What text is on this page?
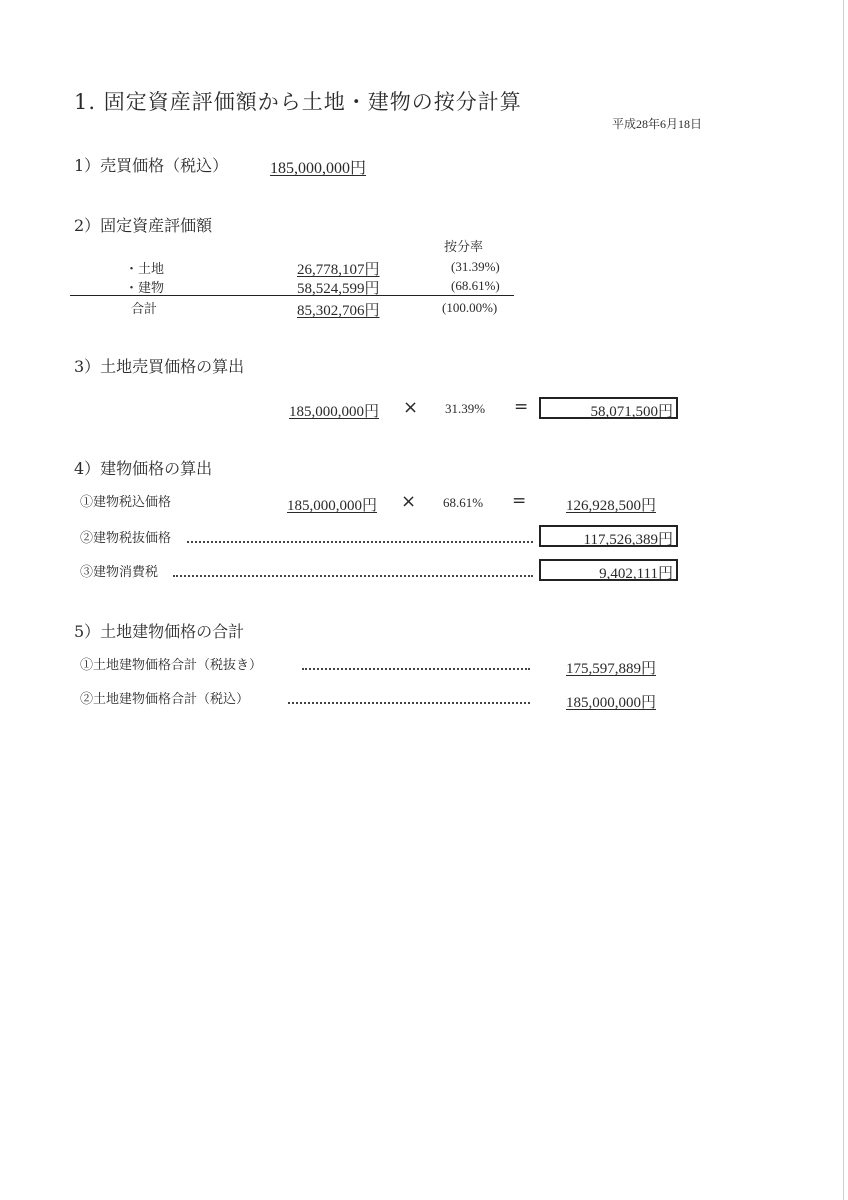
1. 固定資産評価額から土地・建物の按分計算
平成28年6月18日
1）売買価格（税込）	185,000,000円
2）固定資産評価額
按分率
・土地	26,778,107円	(31.39%)
・建物	58,524,599円	(68.61%)
合計	85,302,706円	(100.00%)
3）土地売買価格の算出
185,000,000円 × 31.39% =	58,071,500円
4）建物価格の算出
①建物税込価格	185,000,000円 × 68.61% =	126,928,500円
②建物税抜価格	117,526,389円
③建物消費税	9,402,111円
5）土地建物価格の合計
①土地建物価格合計（税抜き）	175,597,889円
②土地建物価格合計（税込）	185,000,000円
